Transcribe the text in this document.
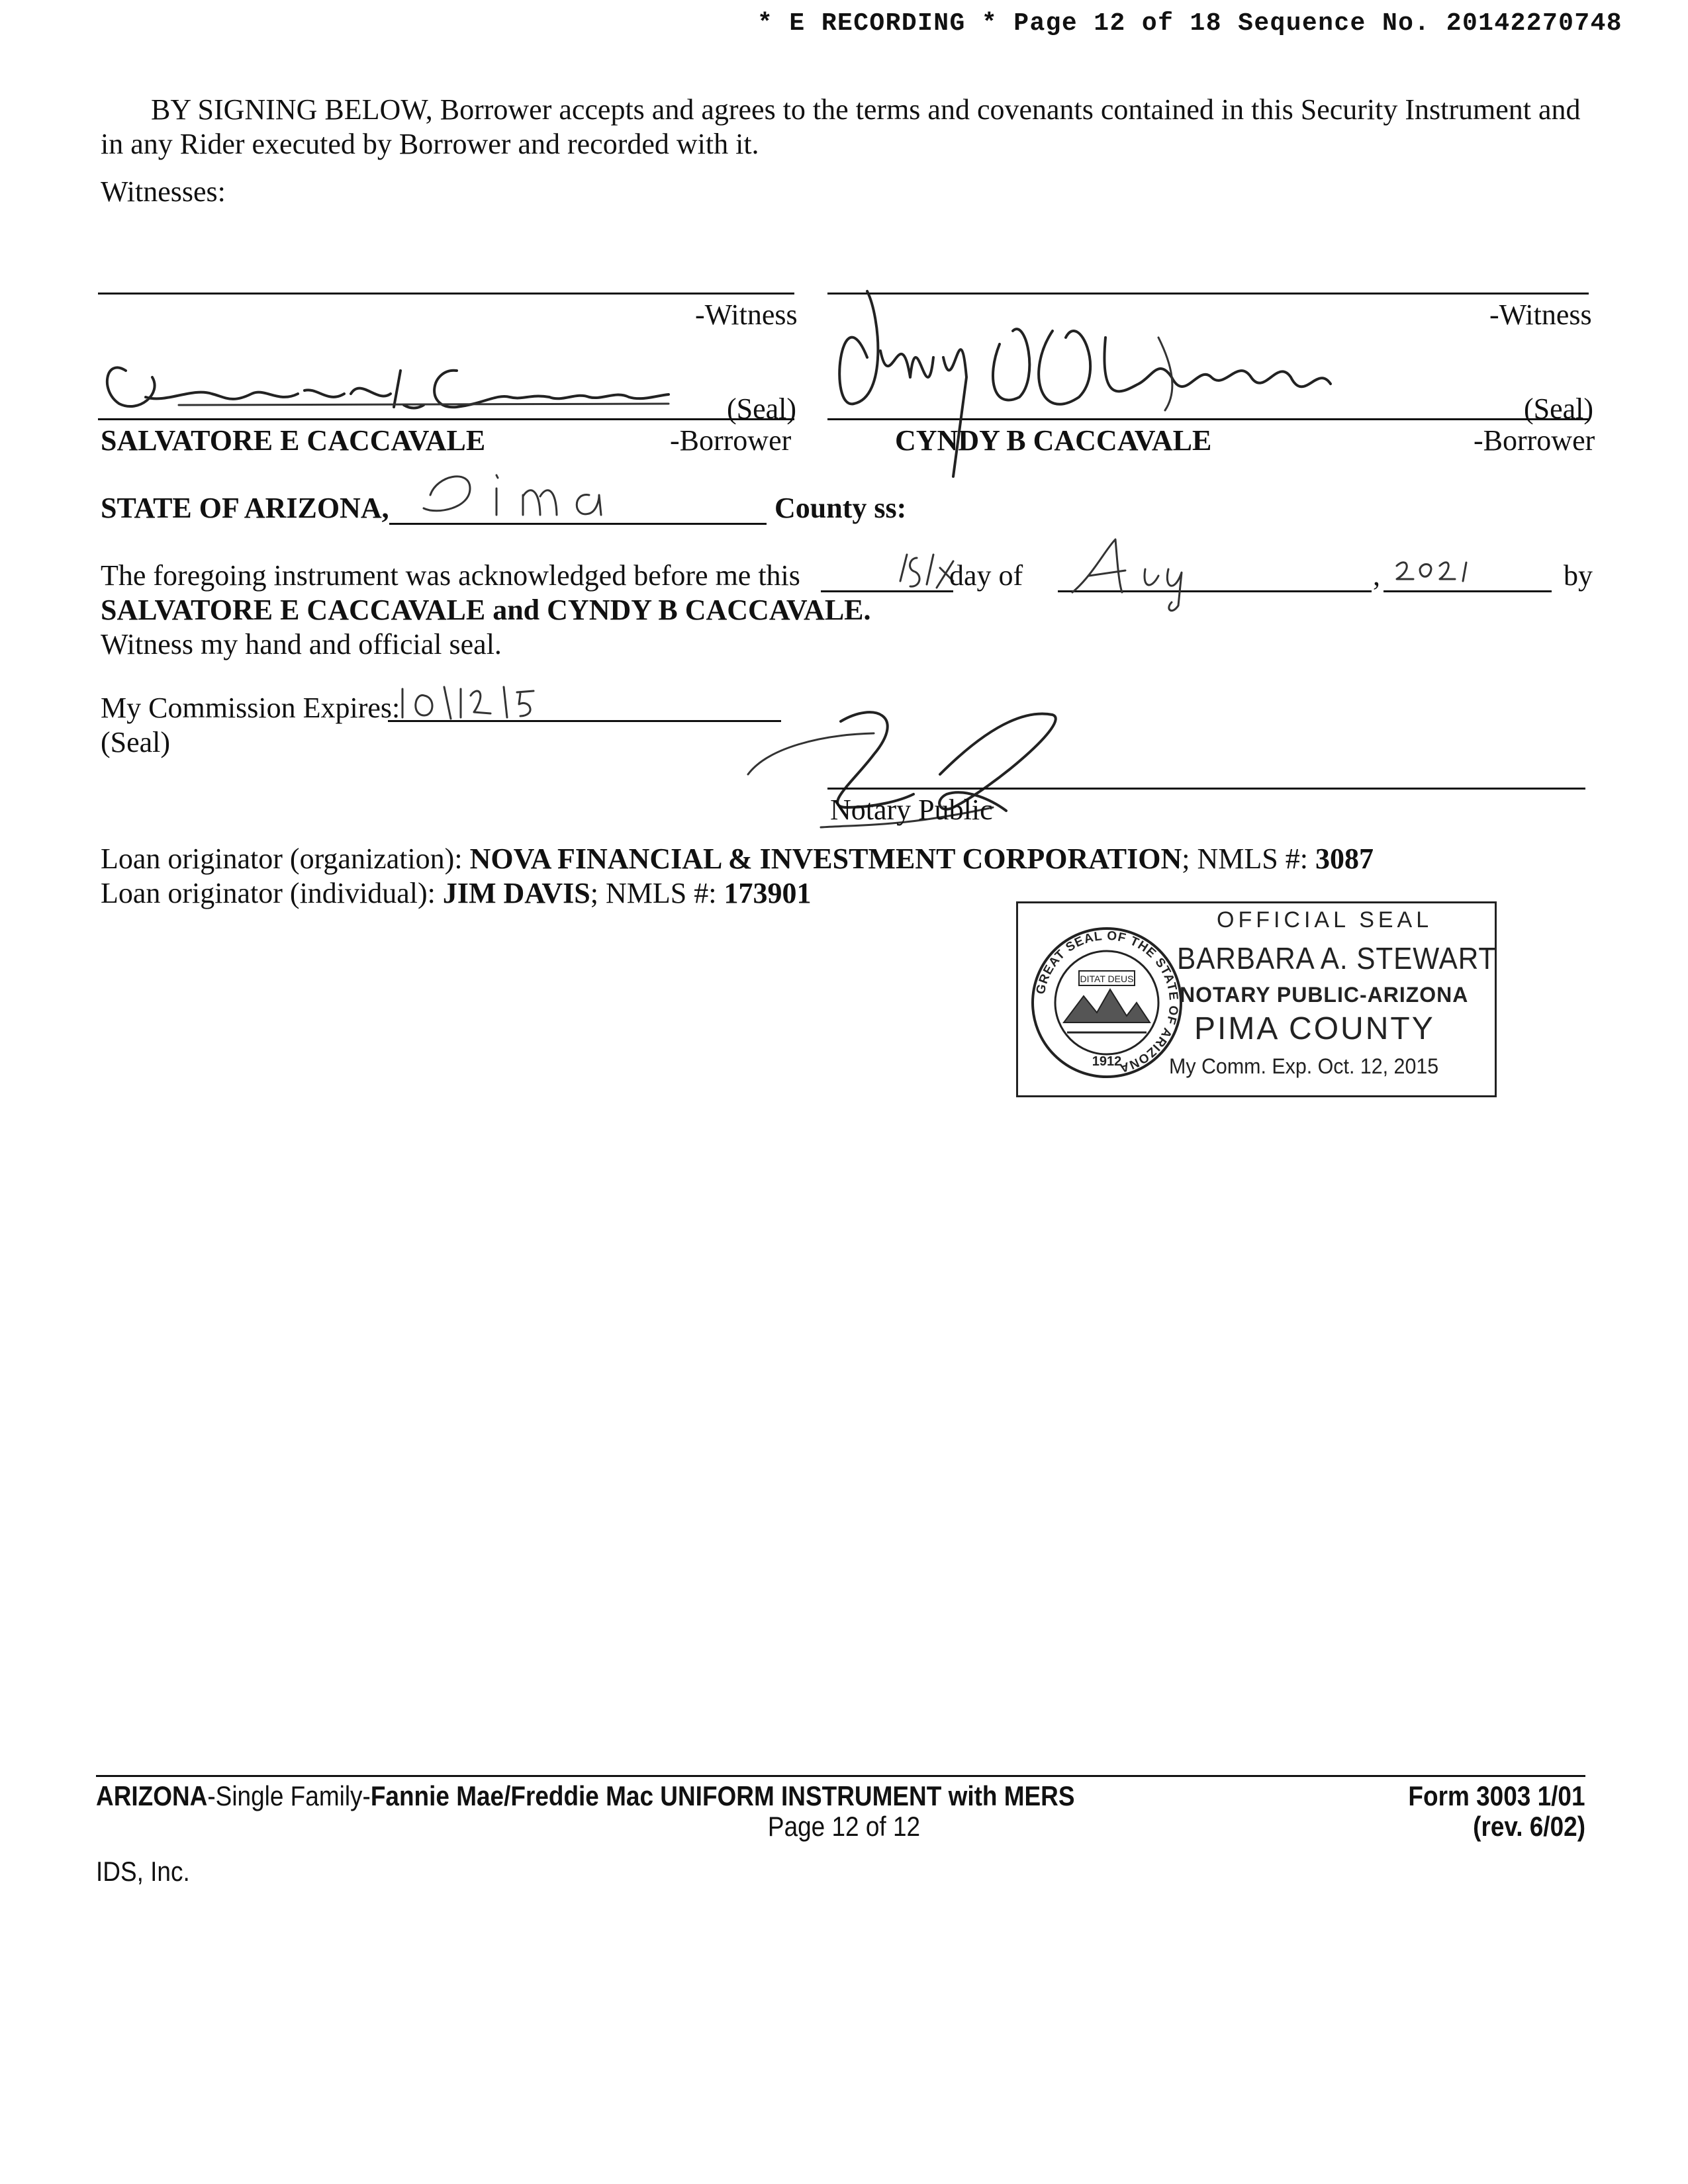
* E RECORDING * Page 12 of 18 Sequence No. 20142270748
BY SIGNING BELOW, Borrower accepts and agrees to the terms and covenants contained in this Security Instrument and in any Rider executed by Borrower and recorded with it.
Witnesses:
-Witness	-Witness
(Seal)
SALVATORE E CACCAVALE	-Borrower
(Seal)
CYNDY B CACCAVALE	-Borrower
STATE OF ARIZONA,	County ss:
The foregoing instrument was acknowledged before me this	day of	,	by
SALVATORE E CACCAVALE and CYNDY B CACCAVALE.
Witness my hand and official seal.
My Commission Expires:
(Seal)
Notary Public
Loan originator (organization): NOVA FINANCIAL & INVESTMENT CORPORATION; NMLS #: 3087
Loan originator (individual): JIM DAVIS; NMLS #: 173901
GREAT SEAL OF THE STATE OF ARIZONA
DITAT DEUS
1912
OFFICIAL SEAL
BARBARA A. STEWART
NOTARY PUBLIC-ARIZONA
PIMA COUNTY
My Comm. Exp. Oct. 12, 2015
ARIZONA-Single Family-Fannie Mae/Freddie Mac UNIFORM INSTRUMENT with MERS
Page 12 of 12
Form 3003 1/01
(rev. 6/02)
IDS, Inc.
